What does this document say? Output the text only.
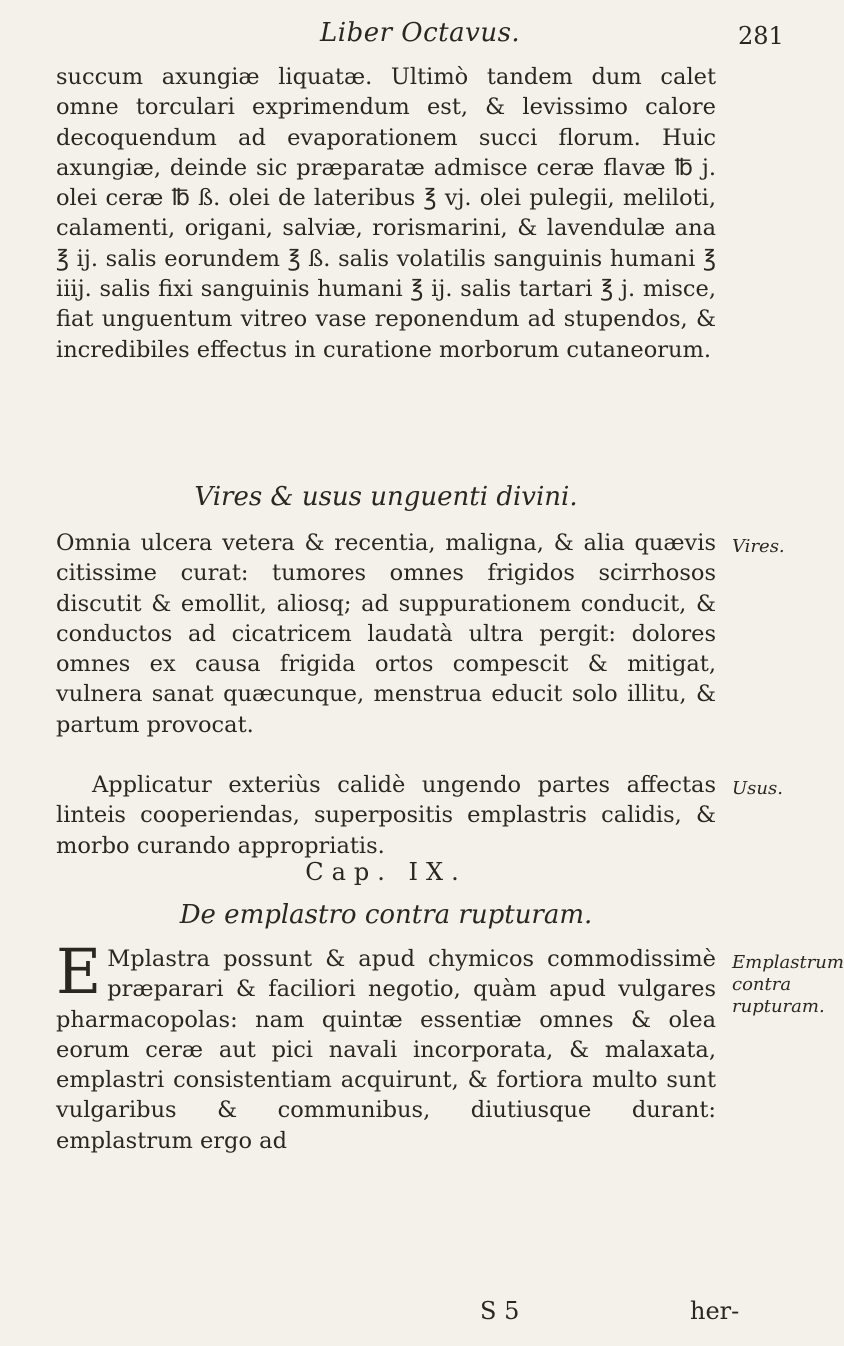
Liber Octavus.	281

succum axungiæ liquatæ. Ultimò tandem dum calet omne torculari exprimendum est, & levissimo calore decoquendum ad evaporationem succi florum. Huic axungiæ, deinde sic præparatæ admisce ceræ flavæ ℔ j. olei ceræ ℔ ß. olei de lateribus ℥ vj. olei pulegii, meliloti, calamenti, origani, salviæ, rorismarini, & lavendulæ ana ℥ ij. salis eorundem ℥ ß. salis volatilis sanguinis humani ℥ iiij. salis fixi sanguinis humani ℥ ij. salis tartari ℥ j. misce, fiat unguentum vitreo vase reponendum ad stupendos, & incredibiles effectus in curatione morborum cutaneorum.

Vires & usus unguenti divini.

Omnia ulcera vetera & recentia, maligna, & alia quævis citissime curat: tumores omnes frigidos scirrhosos discutit & emollit, aliosq; ad suppurationem conducit, & conductos ad cicatricem laudatà ultra pergit: dolores omnes ex causa frigida ortos compescit & mitigat, vulnera sanat quæcunque, menstrua educit solo illitu, & partum provocat.

Applicatur exteriùs calidè ungendo partes affectas linteis cooperiendas, superpositis emplastris calidis, & morbo curando appropriatis.

Cap. IX.
De emplastro contra rupturam.
E Mplastra possunt & apud chymicos commodissimè præparari & faciliori negotio, quàm apud vulgares pharmacopolas: nam quintæ essentiæ omnes & olea eorum ceræ aut pici navali incorporata, & malaxata, emplastri consistentiam acquirunt, & fortiora multo sunt vulgaribus & communibus, diutiusque durant: emplastrum ergo ad

Vires.
Usus.
Emplastrum contra rupturam.
S 5	her-
